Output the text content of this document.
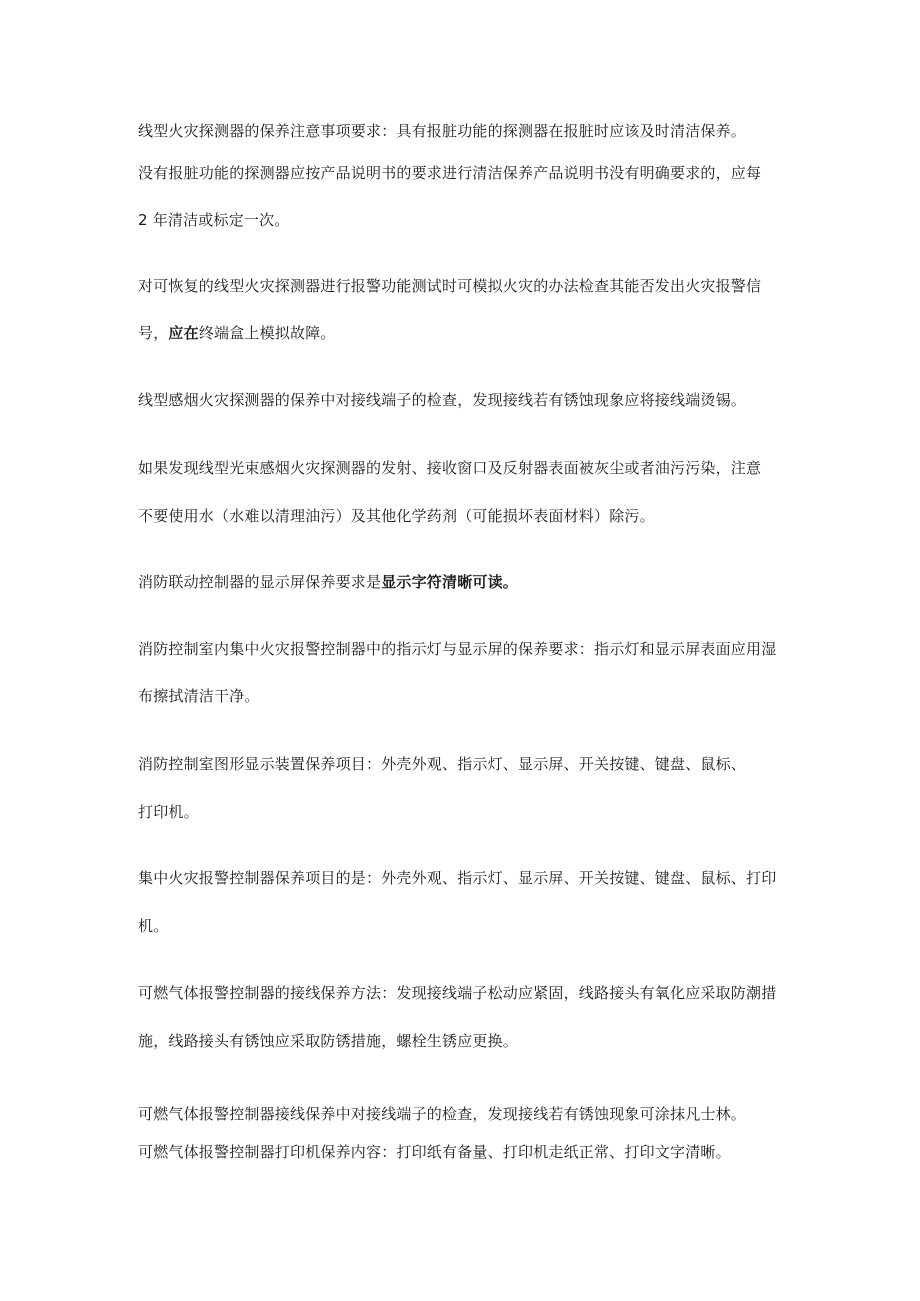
线型火灾探测器的保养注意事项要求：具有报脏功能的探测器在报脏时应该及时清洁保养。
没有报脏功能的探测器应按产品说明书的要求进行清洁保养产品说明书没有明确要求的，应每
2 年清洁或标定一次。
对可恢复的线型火灾探测器进行报警功能测试时可模拟火灾的办法检查其能否发出火灾报警信
号，应在终端盒上模拟故障。
线型感烟火灾探测器的保养中对接线端子的检查，发现接线若有锈蚀现象应将接线端烫锡。
如果发现线型光束感烟火灾探测器的发射、接收窗口及反射器表面被灰尘或者油污污染，注意
不要使用水（水难以清理油污）及其他化学药剂（可能损坏表面材料）除污。
消防联动控制器的显示屏保养要求是显示字符清晰可读。
消防控制室内集中火灾报警控制器中的指示灯与显示屏的保养要求：指示灯和显示屏表面应用湿
布擦拭清洁干净。
消防控制室图形显示装置保养项目：外壳外观、指示灯、显示屏、开关按键、键盘、鼠标、
打印机。
集中火灾报警控制器保养项目的是：外壳外观、指示灯、显示屏、开关按键、键盘、鼠标、打印
机。
可燃气体报警控制器的接线保养方法：发现接线端子松动应紧固，线路接头有氧化应采取防潮措
施，线路接头有锈蚀应采取防锈措施，螺栓生锈应更换。
可燃气体报警控制器接线保养中对接线端子的检查，发现接线若有锈蚀现象可涂抹凡士林。
可燃气体报警控制器打印机保养内容：打印纸有备量、打印机走纸正常、打印文字清晰。
